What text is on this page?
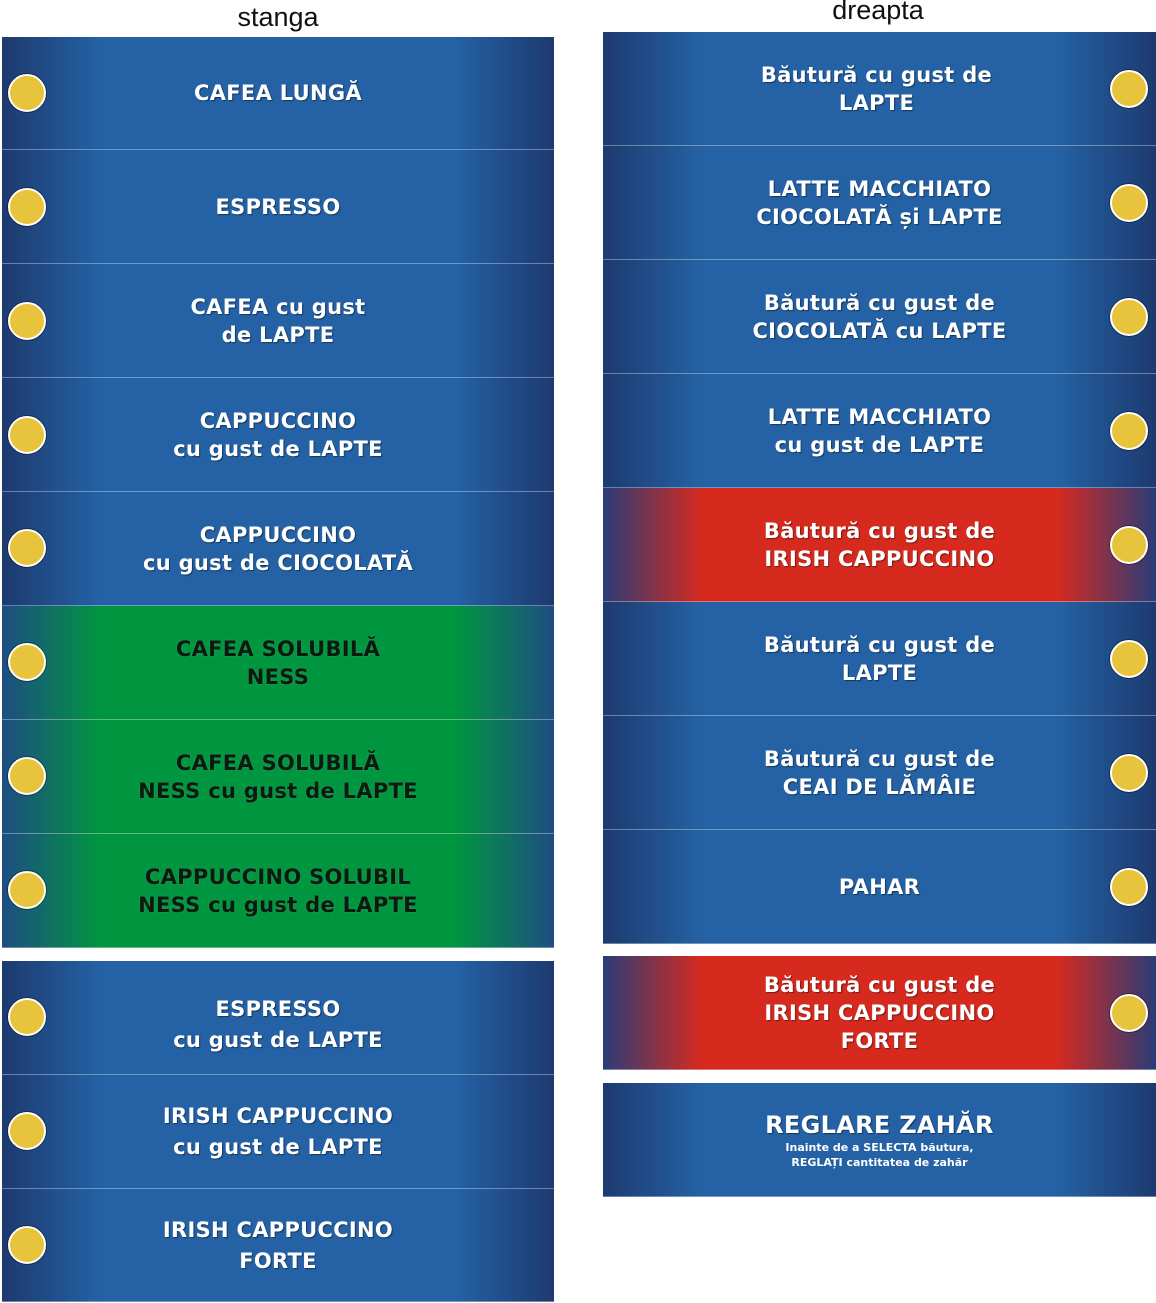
stanga	dreapta
CAFEA LUNGĂ
ESPRESSO
CAFEA cu gust
de LAPTE
CAPPUCCINO
cu gust de LAPTE
CAPPUCCINO
cu gust de CIOCOLATĂ
CAFEA SOLUBILĂ
NESS
CAFEA SOLUBILĂ
NESS cu gust de LAPTE
CAPPUCCINO SOLUBIL
NESS cu gust de LAPTE
ESPRESSO
cu gust de LAPTE
IRISH CAPPUCCINO
cu gust de LAPTE
IRISH CAPPUCCINO
FORTE
Băutură cu gust de
LAPTE
LATTE MACCHIATO
CIOCOLATĂ și LAPTE
Băutură cu gust de
CIOCOLATĂ cu LAPTE
LATTE MACCHIATO
cu gust de LAPTE
Băutură cu gust de
IRISH CAPPUCCINO
Băutură cu gust de
LAPTE
Băutură cu gust de
CEAI DE LĂMÂIE
PAHAR
Băutură cu gust de
IRISH CAPPUCCINO
FORTE
REGLARE ZAHĂR
Inainte de a SELECTA băutura,
REGLAȚI cantitatea de zahăr
